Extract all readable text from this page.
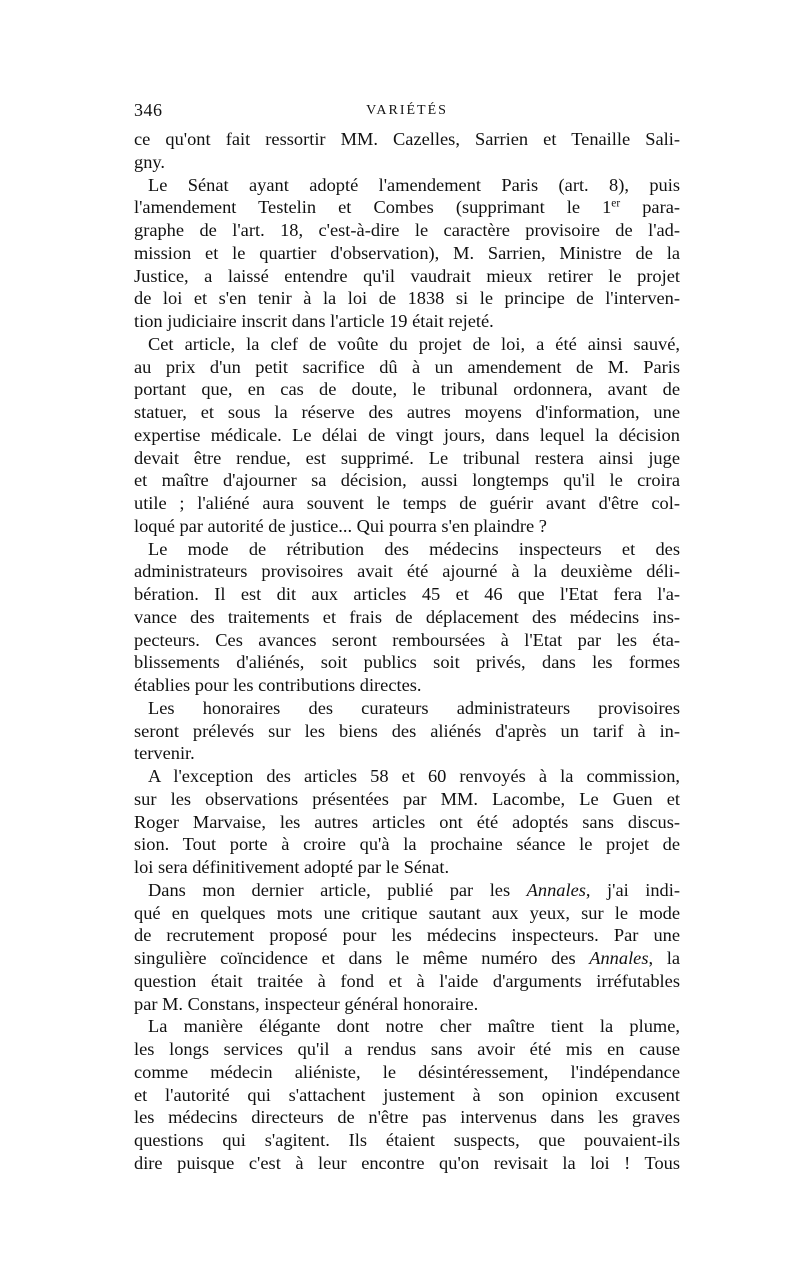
346	VARIÉTÉS
ce qu'ont fait ressortir MM. Cazelles, Sarrien et Tenaille Sali-
gny.
Le Sénat ayant adopté l'amendement Paris (art. 8), puis
l'amendement Testelin et Combes (supprimant le 1er para-
graphe de l'art. 18, c'est-à-dire le caractère provisoire de l'ad-
mission et le quartier d'observation), M. Sarrien, Ministre de la
Justice, a laissé entendre qu'il vaudrait mieux retirer le projet
de loi et s'en tenir à la loi de 1838 si le principe de l'interven-
tion judiciaire inscrit dans l'article 19 était rejeté.
Cet article, la clef de voûte du projet de loi, a été ainsi sauvé,
au prix d'un petit sacrifice dû à un amendement de M. Paris
portant que, en cas de doute, le tribunal ordonnera, avant de
statuer, et sous la réserve des autres moyens d'information, une
expertise médicale. Le délai de vingt jours, dans lequel la décision
devait être rendue, est supprimé. Le tribunal restera ainsi juge
et maître d'ajourner sa décision, aussi longtemps qu'il le croira
utile ; l'aliéné aura souvent le temps de guérir avant d'être col-
loqué par autorité de justice... Qui pourra s'en plaindre ?
Le mode de rétribution des médecins inspecteurs et des
administrateurs provisoires avait été ajourné à la deuxième déli-
bération. Il est dit aux articles 45 et 46 que l'Etat fera l'a-
vance des traitements et frais de déplacement des médecins ins-
pecteurs. Ces avances seront remboursées à l'Etat par les éta-
blissements d'aliénés, soit publics soit privés, dans les formes
établies pour les contributions directes.
Les honoraires des curateurs administrateurs provisoires
seront prélevés sur les biens des aliénés d'après un tarif à in-
tervenir.
A l'exception des articles 58 et 60 renvoyés à la commission,
sur les observations présentées par MM. Lacombe, Le Guen et
Roger Marvaise, les autres articles ont été adoptés sans discus-
sion. Tout porte à croire qu'à la prochaine séance le projet de
loi sera définitivement adopté par le Sénat.
Dans mon dernier article, publié par les Annales, j'ai indi-
qué en quelques mots une critique sautant aux yeux, sur le mode
de recrutement proposé pour les médecins inspecteurs. Par une
singulière coïncidence et dans le même numéro des Annales, la
question était traitée à fond et à l'aide d'arguments irréfutables
par M. Constans, inspecteur général honoraire.
La manière élégante dont notre cher maître tient la plume,
les longs services qu'il a rendus sans avoir été mis en cause
comme médecin aliéniste, le désintéressement, l'indépendance
et l'autorité qui s'attachent justement à son opinion excusent
les médecins directeurs de n'être pas intervenus dans les graves
questions qui s'agitent. Ils étaient suspects, que pouvaient-ils
dire puisque c'est à leur encontre qu'on revisait la loi ! Tous
